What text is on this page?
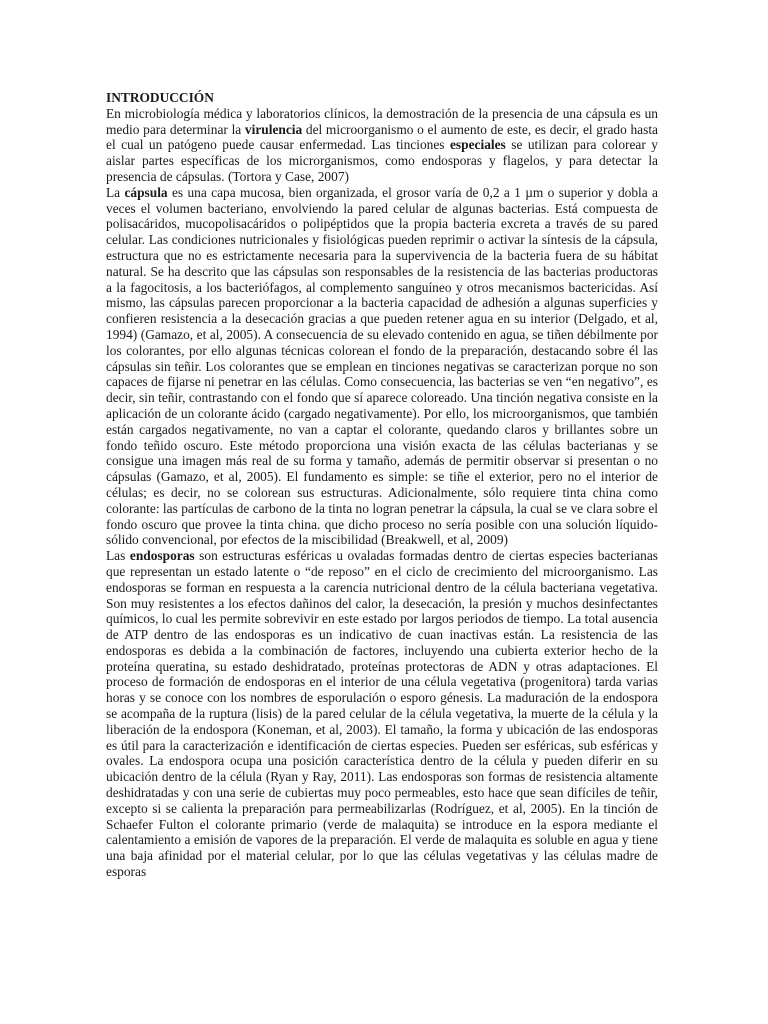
INTRODUCCIÓN

En microbiología médica y laboratorios clínicos, la demostración de la presencia de una cápsula es un medio para determinar la virulencia del microorganismo o el aumento de este, es decir, el grado hasta el cual un patógeno puede causar enfermedad. Las tinciones especiales se utilizan para colorear y aislar partes específicas de los microrganismos, como endosporas y flagelos, y para detectar la presencia de cápsulas. (Tortora y Case, 2007)

La cápsula es una capa mucosa, bien organizada, el grosor varía de 0,2 a 1 µm o superior y dobla a veces el volumen bacteriano, envolviendo la pared celular de algunas bacterias. Está compuesta de polisacáridos, mucopolisacáridos o polipéptidos que la propia bacteria excreta a través de su pared celular. Las condiciones nutricionales y fisiológicas pueden reprimir o activar la síntesis de la cápsula, estructura que no es estrictamente necesaria para la supervivencia de la bacteria fuera de su hábitat natural. Se ha descrito que las cápsulas son responsables de la resistencia de las bacterias productoras a la fagocitosis, a los bacteriófagos, al complemento sanguíneo y otros mecanismos bactericidas. Así mismo, las cápsulas parecen proporcionar a la bacteria capacidad de adhesión a algunas superficies y confieren resistencia a la desecación gracias a que pueden retener agua en su interior (Delgado, et al, 1994) (Gamazo, et al, 2005). A consecuencia de su elevado contenido en agua, se tiñen débilmente por los colorantes, por ello algunas técnicas colorean el fondo de la preparación, destacando sobre él las cápsulas sin teñir. Los colorantes que se emplean en tinciones negativas se caracterizan porque no son capaces de fijarse ni penetrar en las células. Como consecuencia, las bacterias se ven “en negativo”, es decir, sin teñir, contrastando con el fondo que sí aparece coloreado. Una tinción negativa consiste en la aplicación de un colorante ácido (cargado negativamente). Por ello, los microorganismos, que también están cargados negativamente, no van a captar el colorante, quedando claros y brillantes sobre un fondo teñido oscuro. Este método proporciona una visión exacta de las células bacterianas y se consigue una imagen más real de su forma y tamaño, además de permitir observar si presentan o no cápsulas (Gamazo, et al, 2005). El fundamento es simple: se tiñe el exterior, pero no el interior de células; es decir, no se colorean sus estructuras. Adicionalmente, sólo requiere tinta china como colorante: las partículas de carbono de la tinta no logran penetrar la cápsula, la cual se ve clara sobre el fondo oscuro que provee la tinta china. que dicho proceso no sería posible con una solución líquido-sólido convencional, por efectos de la miscibilidad (Breakwell, et al, 2009)

Las endosporas son estructuras esféricas u ovaladas formadas dentro de ciertas especies bacterianas que representan un estado latente o “de reposo” en el ciclo de crecimiento del microorganismo. Las endosporas se forman en respuesta a la carencia nutricional dentro de la célula bacteriana vegetativa. Son muy resistentes a los efectos dañinos del calor, la desecación, la presión y muchos desinfectantes químicos, lo cual les permite sobrevivir en este estado por largos periodos de tiempo. La total ausencia de ATP dentro de las endosporas es un indicativo de cuan inactivas están. La resistencia de las endosporas es debida a la combinación de factores, incluyendo una cubierta exterior hecho de la proteína queratina, su estado deshidratado, proteínas protectoras de ADN y otras adaptaciones. El proceso de formación de endosporas en el interior de una célula vegetativa (progenitora) tarda varias horas y se conoce con los nombres de esporulación o esporo génesis. La maduración de la endospora se acompaña de la ruptura (lisis) de la pared celular de la célula vegetativa, la muerte de la célula y la liberación de la endospora (Koneman, et al, 2003). El tamaño, la forma y ubicación de las endosporas es útil para la caracterización e identificación de ciertas especies. Pueden ser esféricas, sub esféricas y ovales. La endospora ocupa una posición característica dentro de la célula y pueden diferir en su ubicación dentro de la célula (Ryan y Ray, 2011). Las endosporas son formas de resistencia altamente deshidratadas y con una serie de cubiertas muy poco permeables, esto hace que sean difíciles de teñir, excepto si se calienta la preparación para permeabilizarlas (Rodríguez, et al, 2005). En la tinción de Schaefer Fulton el colorante primario (verde de malaquita) se introduce en la espora mediante el calentamiento a emisión de vapores de la preparación. El verde de malaquita es soluble en agua y tiene una baja afinidad por el material celular, por lo que las células vegetativas y las células madre de esporas
